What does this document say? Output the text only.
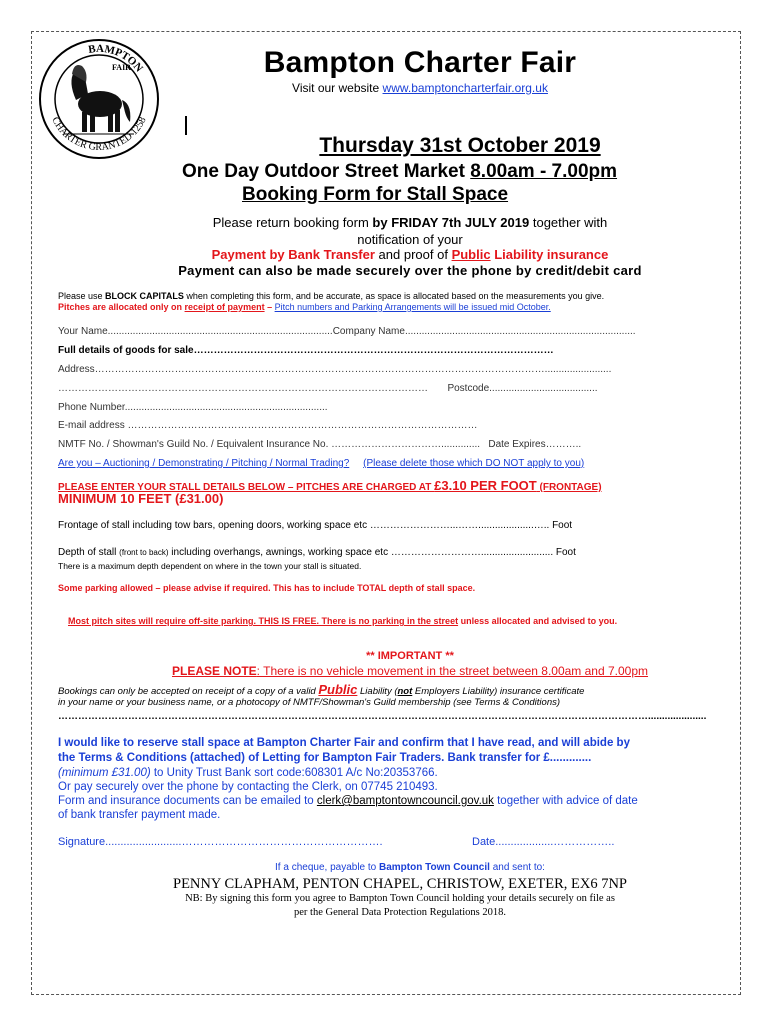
BAMPTON
FAIR
CHARTER GRANTED 1258
Bampton Charter Fair
Visit our website www.bamptoncharterfair.org.uk
Thursday 31st October 2019
One Day Outdoor Street Market 8.00am - 7.00pm
Booking Form for Stall Space
Please return booking form by FRIDAY 7th JULY 2019 together with
notification of your
Payment by Bank Transfer and proof of Public Liability insurance
Payment can also be made securely over the phone by credit/debit card
Please use BLOCK CAPITALS when completing this form, and be accurate, as space is allocated based on the measurements you give.
Pitches are allocated only on receipt of payment – Pitch numbers and Parking Arrangements will be issued mid October.
Your Name.................................................................................Company Name...................................................................................
Full details of goods for sale………………………………………………………………………………………………
Address………………………………………………………………………………………………………………………........................
…………………………………………………………………………………………………       Postcode.......................................
Phone Number.........................................................................
E-mail address ……………………………………………………………………………………………
NMTF No. / Showman's Guild No. / Equivalent Insurance No. ……………………………..............   Date Expires………..
Are you – Auctioning / Demonstrating / Pitching / Normal Trading? (Please delete those which DO NOT apply to you)
PLEASE ENTER YOUR STALL DETAILS BELOW – PITCHES ARE CHARGED AT £3.10 PER FOOT (FRONTAGE)
MINIMUM 10 FEET (£31.00)
Frontage of stall including tow bars, opening doors, working space etc ……………………...……....................….. Foot
Depth of stall (front to back) including overhangs, awnings, working space etc ……………………….......................... Foot
There is a maximum depth dependent on where in the town your stall is situated.
Some parking allowed – please advise if required. This has to include TOTAL depth of stall space.
Most pitch sites will require off-site parking. THIS IS FREE. There is no parking in the street unless allocated and advised to you.
** IMPORTANT **
PLEASE NOTE: There is no vehicle movement in the street between 8.00am and 7.00pm
Bookings can only be accepted on receipt of a copy of a valid Public Liability (not Employers Liability) insurance certificate
in your name or your business name, or a photocopy of NMTF/Showman's Guild membership (see Terms & Conditions)
…………………………………………………………………………………………………………………………………………………………….....................
I would like to reserve stall space at Bampton Charter Fair and confirm that I have read, and will abide by
the Terms & Conditions (attached) of Letting for Bampton Fair Traders. Bank transfer for £.............
(minimum £31.00) to Unity Trust Bank sort code:608301 A/c No:20353766.
Or pay securely over the phone by contacting the Clerk, on 07745 210493.
Form and insurance documents can be emailed to clerk@bamptontowncouncil.gov.uk together with advice of date
of bank transfer payment made.
Signature.........................……………………………………………….	Date...................……………..
If a cheque, payable to Bampton Town Council and sent to:
PENNY CLAPHAM, PENTON CHAPEL, CHRISTOW, EXETER, EX6 7NP
NB: By signing this form you agree to Bampton Town Council holding your details securely on file as
per the General Data Protection Regulations 2018.
